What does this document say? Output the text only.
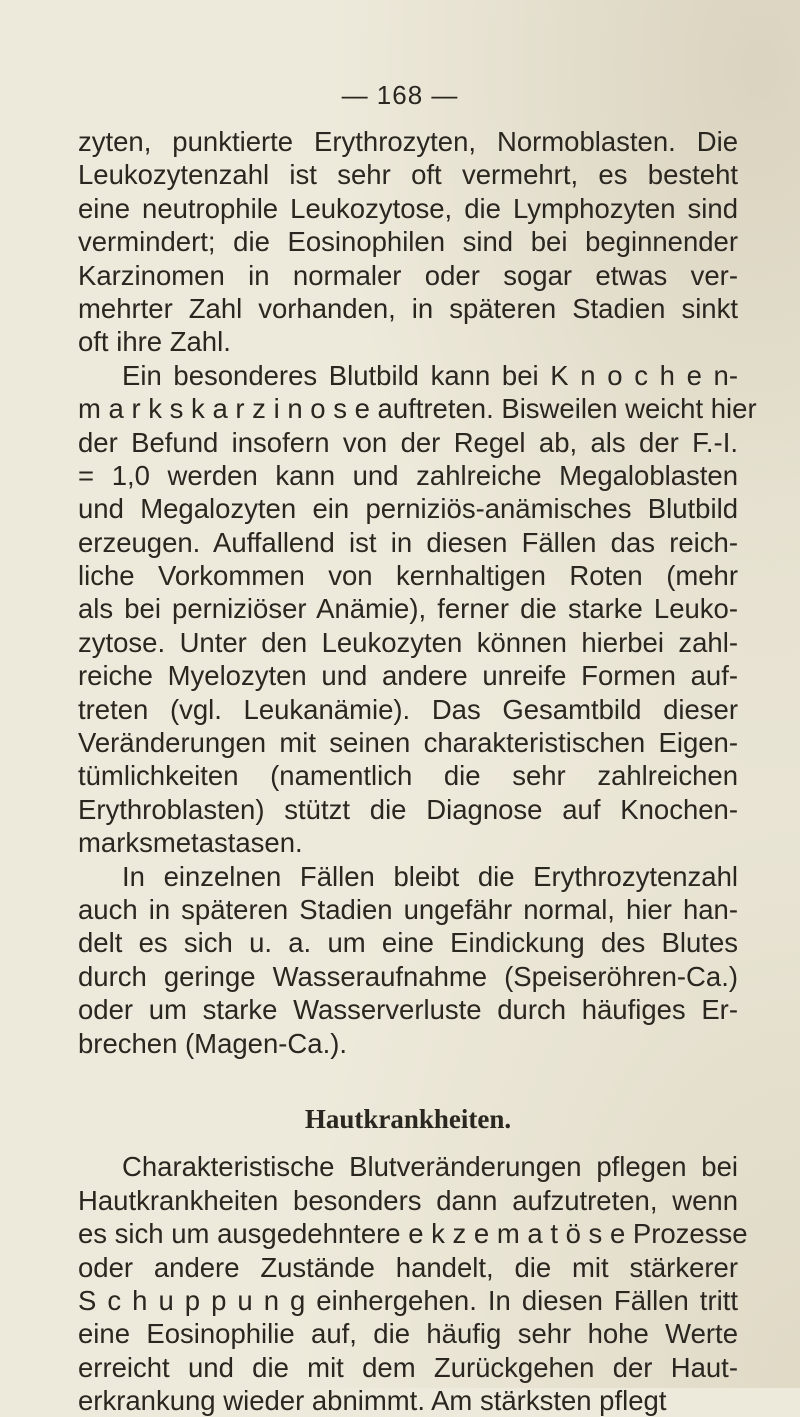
— 168 —
zyten, punktierte Erythrozyten, Normoblasten. Die
Leukozytenzahl ist sehr oft vermehrt, es besteht
eine neutrophile Leukozytose, die Lymphozyten sind
vermindert; die Eosinophilen sind bei beginnender
Karzinomen in normaler oder sogar etwas ver-
mehrter Zahl vorhanden, in späteren Stadien sinkt
oft ihre Zahl.
Ein besonderes Blutbild kann bei K n o c h e n-
m a r k s k a r z i n o s e auftreten. Bisweilen weicht hier
der Befund insofern von der Regel ab, als der F.-I.
= 1,0 werden kann und zahlreiche Megaloblasten
und Megalozyten ein perniziös-anämisches Blutbild
erzeugen. Auffallend ist in diesen Fällen das reich-
liche Vorkommen von kernhaltigen Roten (mehr
als bei perniziöser Anämie), ferner die starke Leuko-
zytose. Unter den Leukozyten können hierbei zahl-
reiche Myelozyten und andere unreife Formen auf-
treten (vgl. Leukanämie). Das Gesamtbild dieser
Veränderungen mit seinen charakteristischen Eigen-
tümlichkeiten (namentlich die sehr zahlreichen
Erythroblasten) stützt die Diagnose auf Knochen-
marksmetastasen.
In einzelnen Fällen bleibt die Erythrozytenzahl
auch in späteren Stadien ungefähr normal, hier han-
delt es sich u. a. um eine Eindickung des Blutes
durch geringe Wasseraufnahme (Speiseröhren-Ca.)
oder um starke Wasserverluste durch häufiges Er-
brechen (Magen-Ca.).
Hautkrankheiten.
Charakteristische Blutveränderungen pflegen bei
Hautkrankheiten besonders dann aufzutreten, wenn
es sich um ausgedehntere e k z e m a t ö s e Prozesse
oder andere Zustände handelt, die mit stärkerer
S c h u p p u n g einhergehen. In diesen Fällen tritt
eine Eosinophilie auf, die häufig sehr hohe Werte
erreicht und die mit dem Zurückgehen der Haut-
erkrankung wieder abnimmt. Am stärksten pflegt
